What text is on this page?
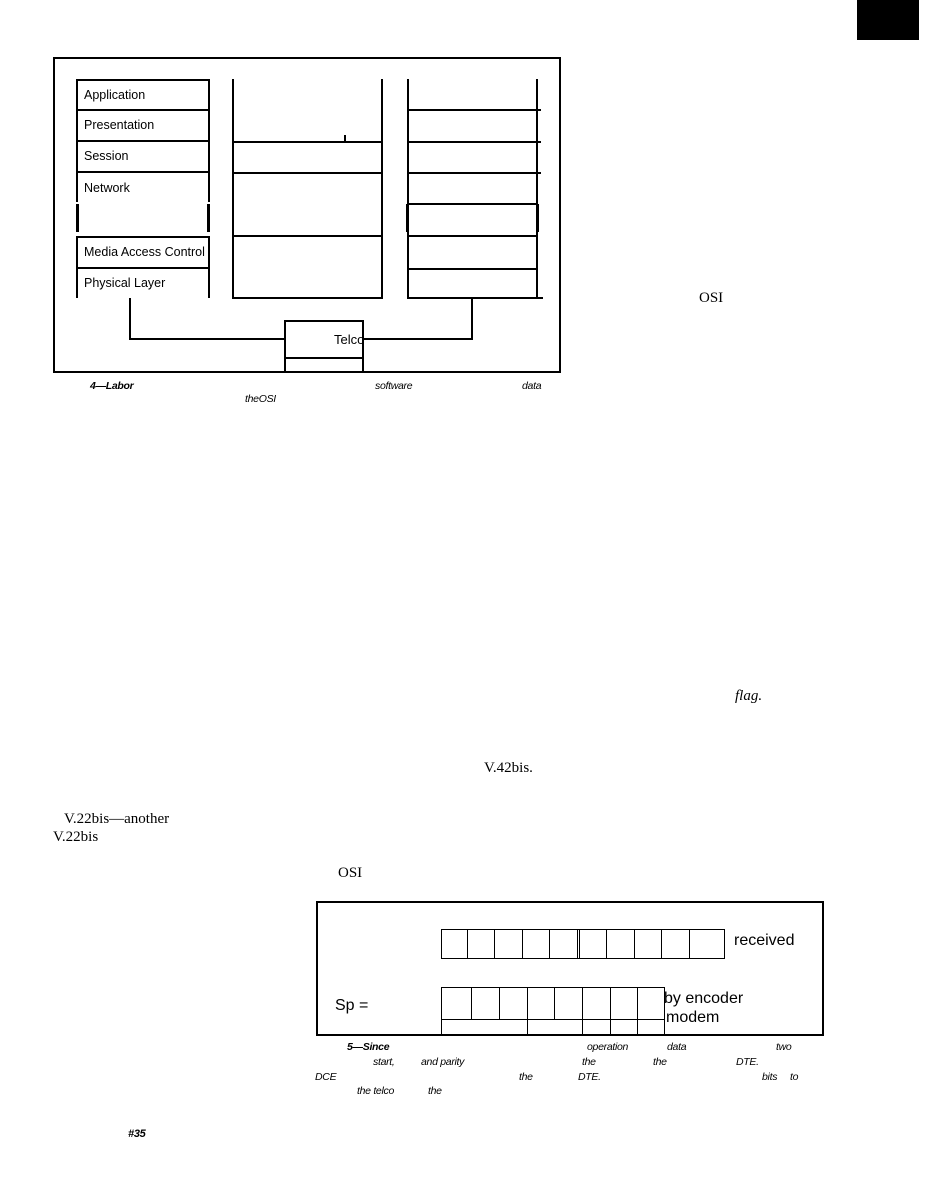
Application
Presentation
Session
Network
Media Access Control
Physical Layer
Telco
4—Labor	software	data
theOSI
OSI
flag.
V.42bis.
V.22bis—another
V.22bis
OSI
received
Sp =	by encoder
modem
5—Since	operation	data	two
start,	and parity	the	the	DTE.
DCE	the	DTE.	bits to
the telco	the
#35
